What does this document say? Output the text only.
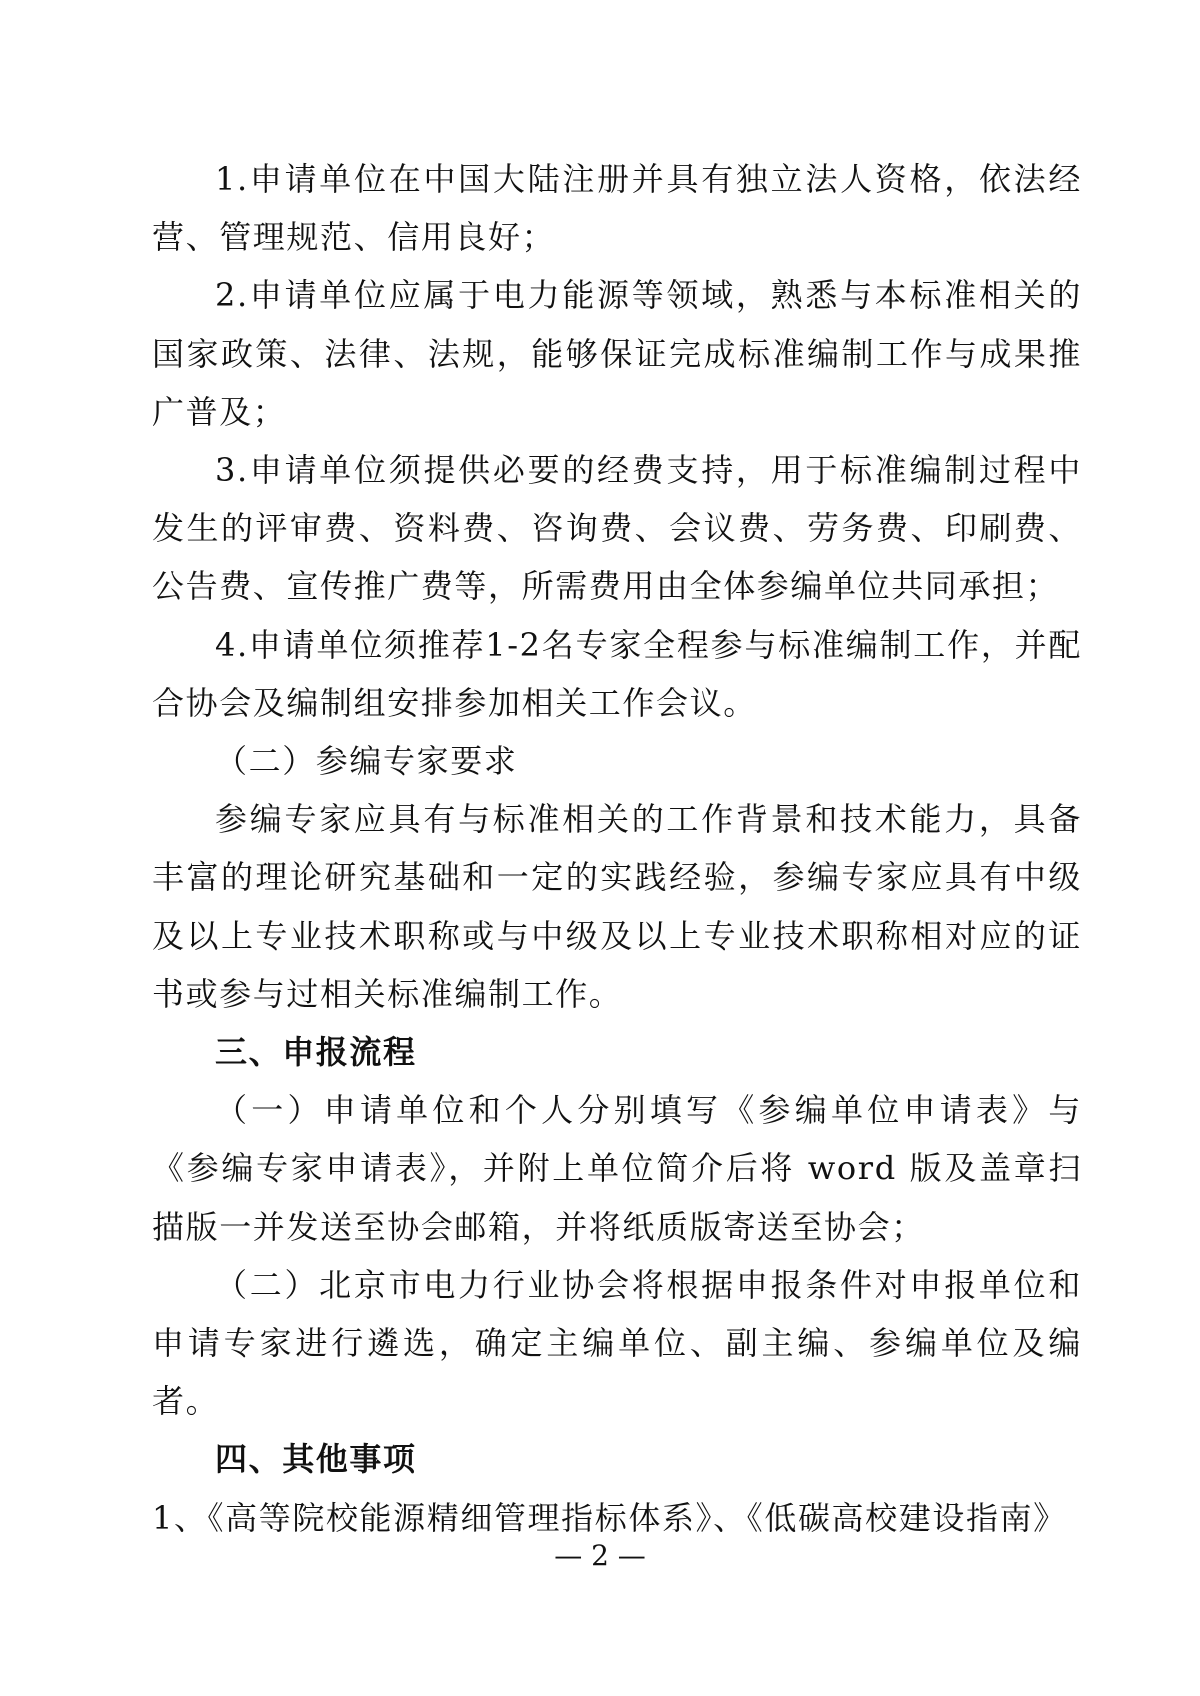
1.申请单位在中国大陆注册并具有独立法人资格，依法经营、管理规范、信用良好；

2.申请单位应属于电力能源等领域，熟悉与本标准相关的国家政策、法律、法规，能够保证完成标准编制工作与成果推广普及；

3.申请单位须提供必要的经费支持，用于标准编制过程中发生的评审费、资料费、咨询费、会议费、劳务费、印刷费、公告费、宣传推广费等，所需费用由全体参编单位共同承担；

4.申请单位须推荐1-2名专家全程参与标准编制工作，并配合协会及编制组安排参加相关工作会议。

（二）参编专家要求

参编专家应具有与标准相关的工作背景和技术能力，具备丰富的理论研究基础和一定的实践经验，参编专家应具有中级及以上专业技术职称或与中级及以上专业技术职称相对应的证书或参与过相关标准编制工作。

三、申报流程

（一）申请单位和个人分别填写《参编单位申请表》与《参编专家申请表》，并附上单位简介后将 word 版及盖章扫描版一并发送至协会邮箱，并将纸质版寄送至协会；

（二）北京市电力行业协会将根据申报条件对申报单位和申请专家进行遴选，确定主编单位、副主编、参编单位及编者。

四、其他事项

1、《高等院校能源精细管理指标体系》、《低碳高校建设指南》

— 2 —
